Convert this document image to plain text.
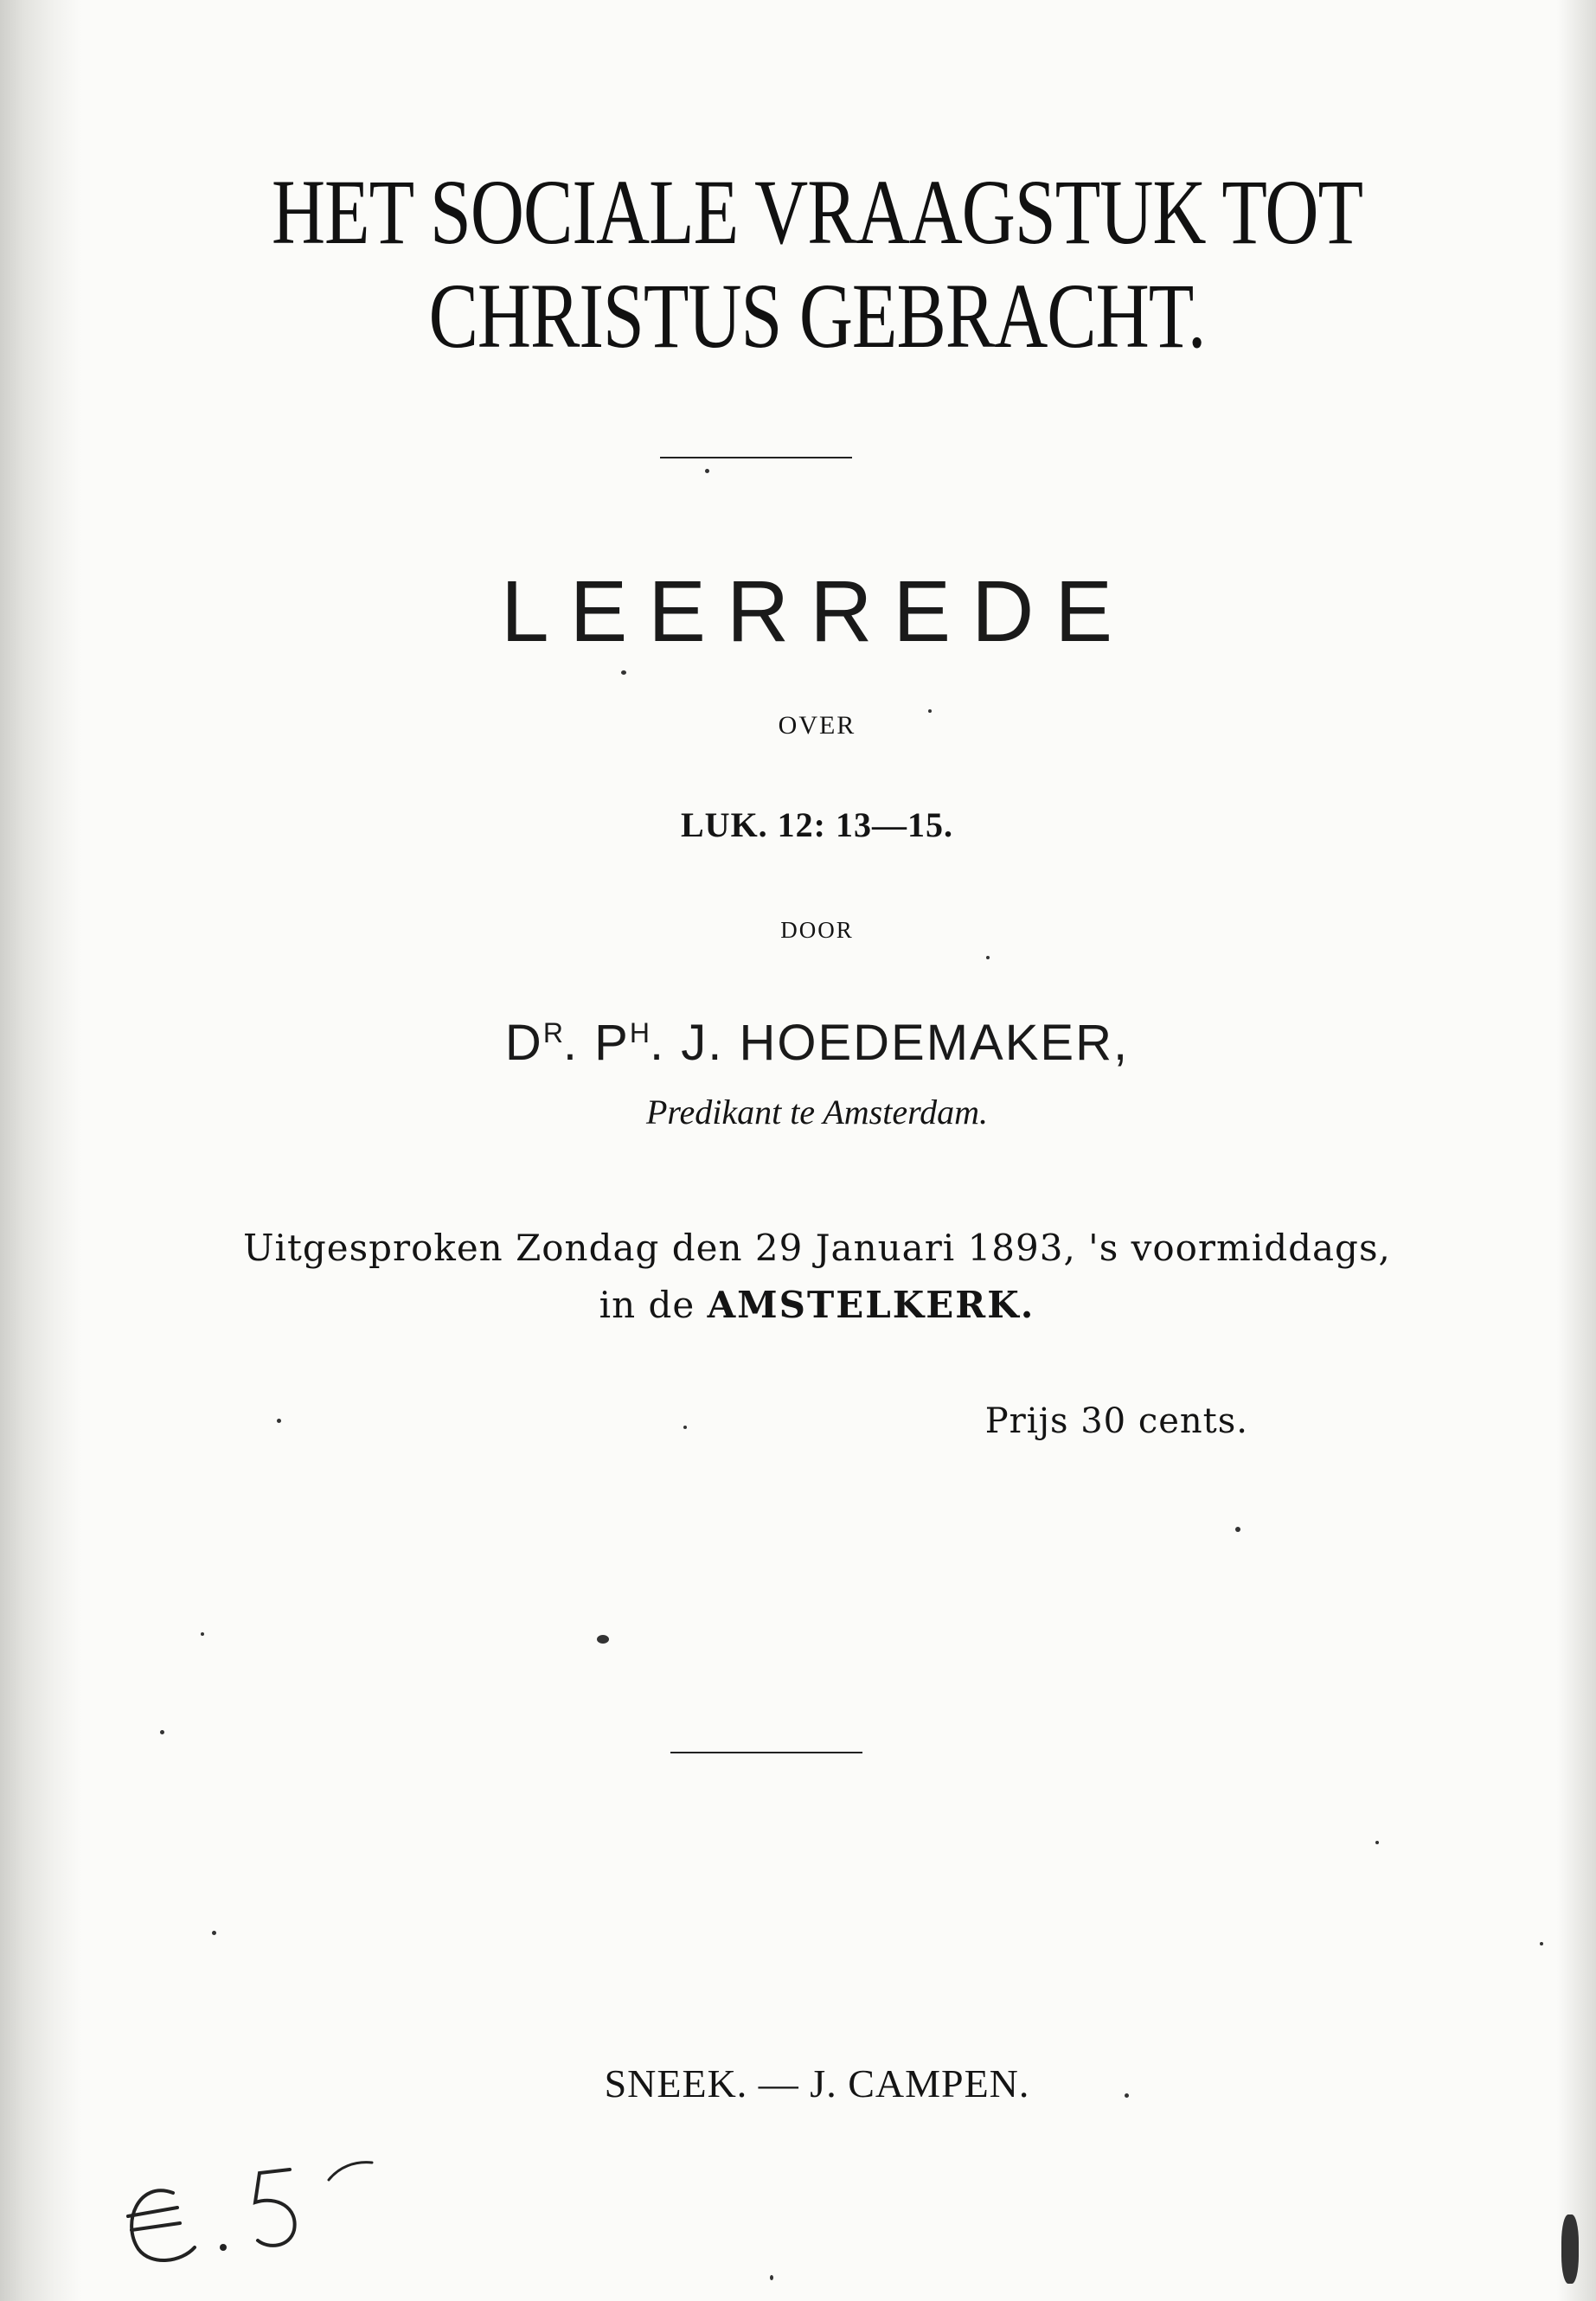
HET SOCIALE VRAAGSTUK TOT
CHRISTUS GEBRACHT.
LEERREDE
OVER
LUK. 12: 13—15.
DOOR
$D^R$. $P^H$. J. HOEDEMAKER,
Predikant te Amsterdam.
Uitgesproken Zondag den 29 Januari 1893, 's voormiddags,
in de AMSTELKERK.
Prijs 30 cents.
SNEEK. — J. CAMPEN.
